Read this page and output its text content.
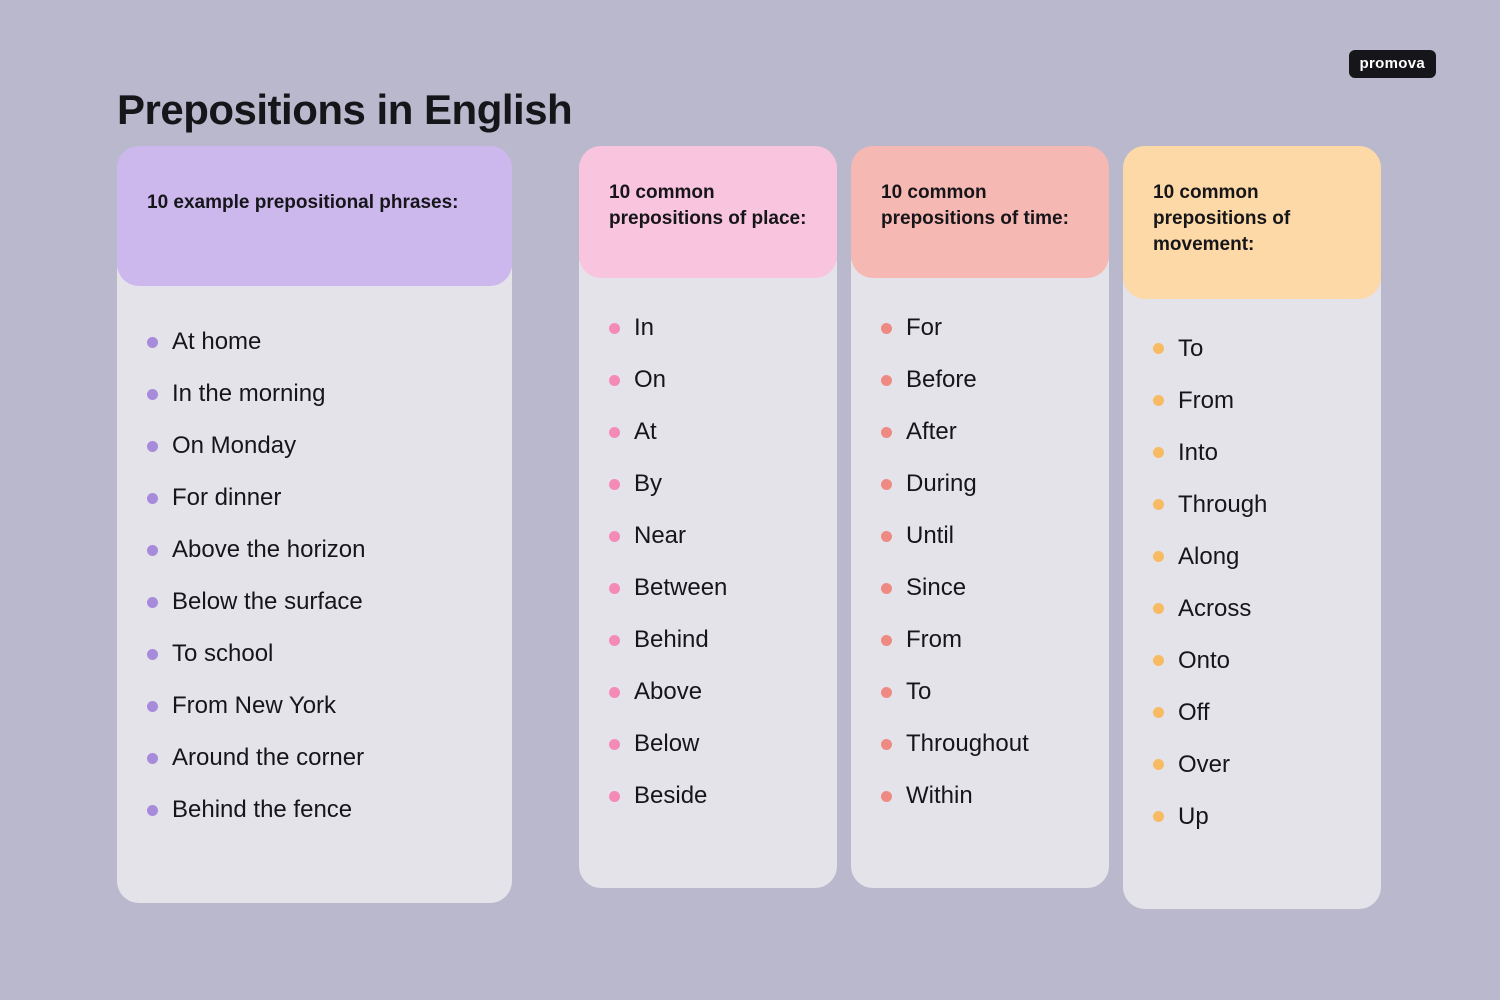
Prepositions in English
promova
10 example prepositional phrases:
At home
In the morning
On Monday
For dinner
Above the horizon
Below the surface
To school
From New York
Around the corner
Behind the fence
10 common prepositions of place:
In
On
At
By
Near
Between
Behind
Above
Below
Beside
10 common prepositions of time:
For
Before
After
During
Until
Since
From
To
Throughout
Within
10 common prepositions of movement:
To
From
Into
Through
Along
Across
Onto
Off
Over
Up
